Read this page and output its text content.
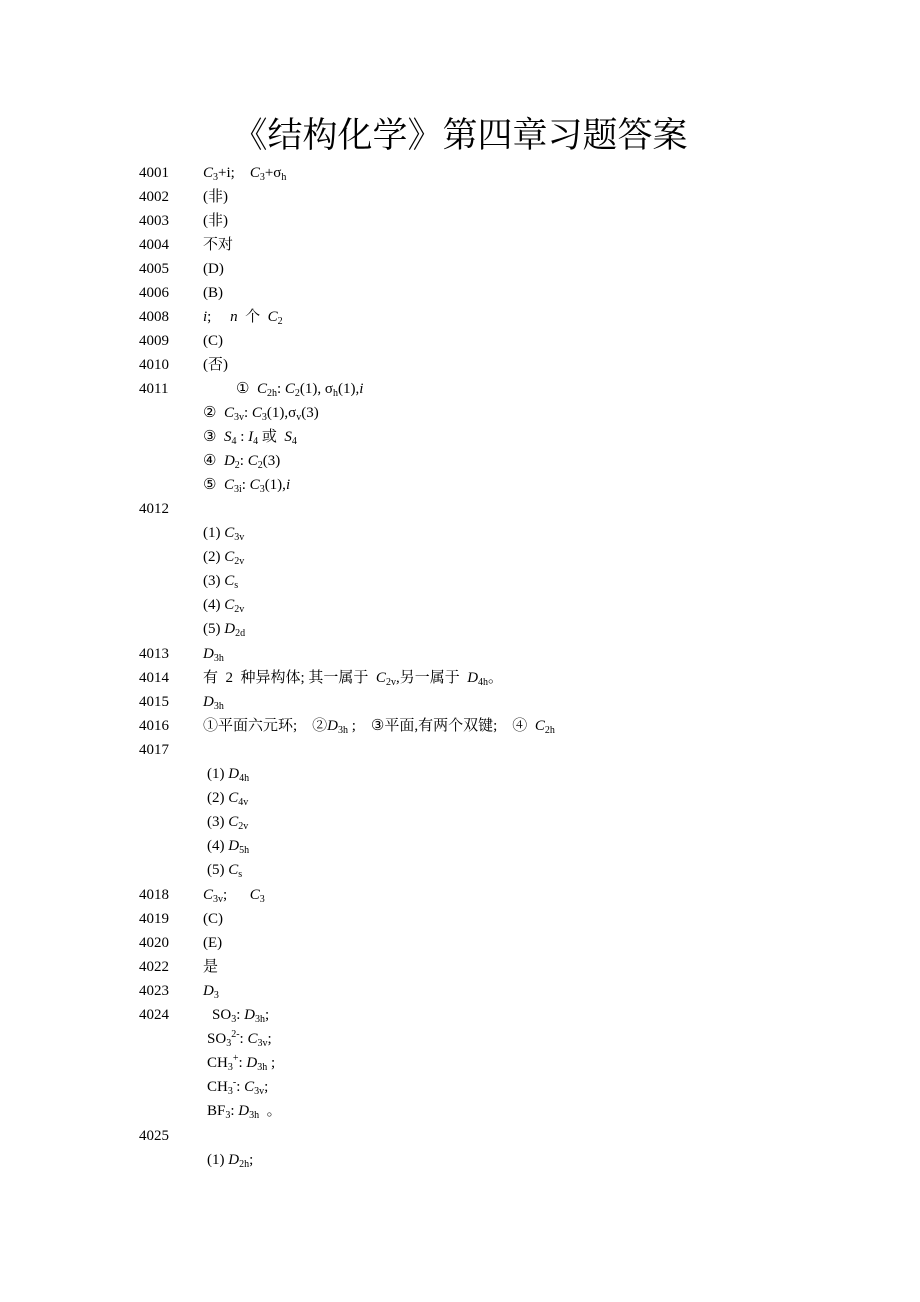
《结构化学》第四章习题答案
4001 $C_3+i$;    $C_3+\sigma_h$
4002 (非)
4003 (非)
4004 不对
4005 (D)
4006 (B)
4008 i;     n  个  $C_2$
4009 (C)
4010 (否)
4011	①  $C_{2h}$: $C_2(1)$, $\sigma_h(1),i$
②  $C_{3v}$: $C_3(1),\sigma_v(3)$
③  $S_4$ : $I_4$ 或  $S_4$
④  $D_2$: $C_2(3)$
⑤  $C_{3i}$: $C_3(1),i$
4012
(1) $C_{3v}$
(2) $C_{2v}$
(3) $C_s$
(4) $C_{2v}$
(5) $D_{2d}$
4013 $D_{3h}$
4014 有  2  种异构体; 其一属于  $C_{2v}$,另一属于  $D_{4h}$。
4015 $D_{3h}$
4016 ①平面六元环;    $②D_{3h}$ ;    ③平面,有两个双键;    ④  $C_{2h}$
4017
(1) $D_{4h}$
(2) $C_{4v}$
(3) $C_{2v}$
(4) $D_{5h}$
(5) $C_s$
4018 $C_{3v}$;      $C_3$
4019 (C)
4020 (E)
4022 是
4023 $D_3$
4024	$SO_3$: $D_{3h}$;
$SO_3^{2-}$: $C_{3v}$;
$CH_3^+$: $D_{3h}$ ;
$CH_3^-$: $C_{3v}$;
$BF_3$: $D_{3h}$  。
4025
(1) $D_{2h}$;
